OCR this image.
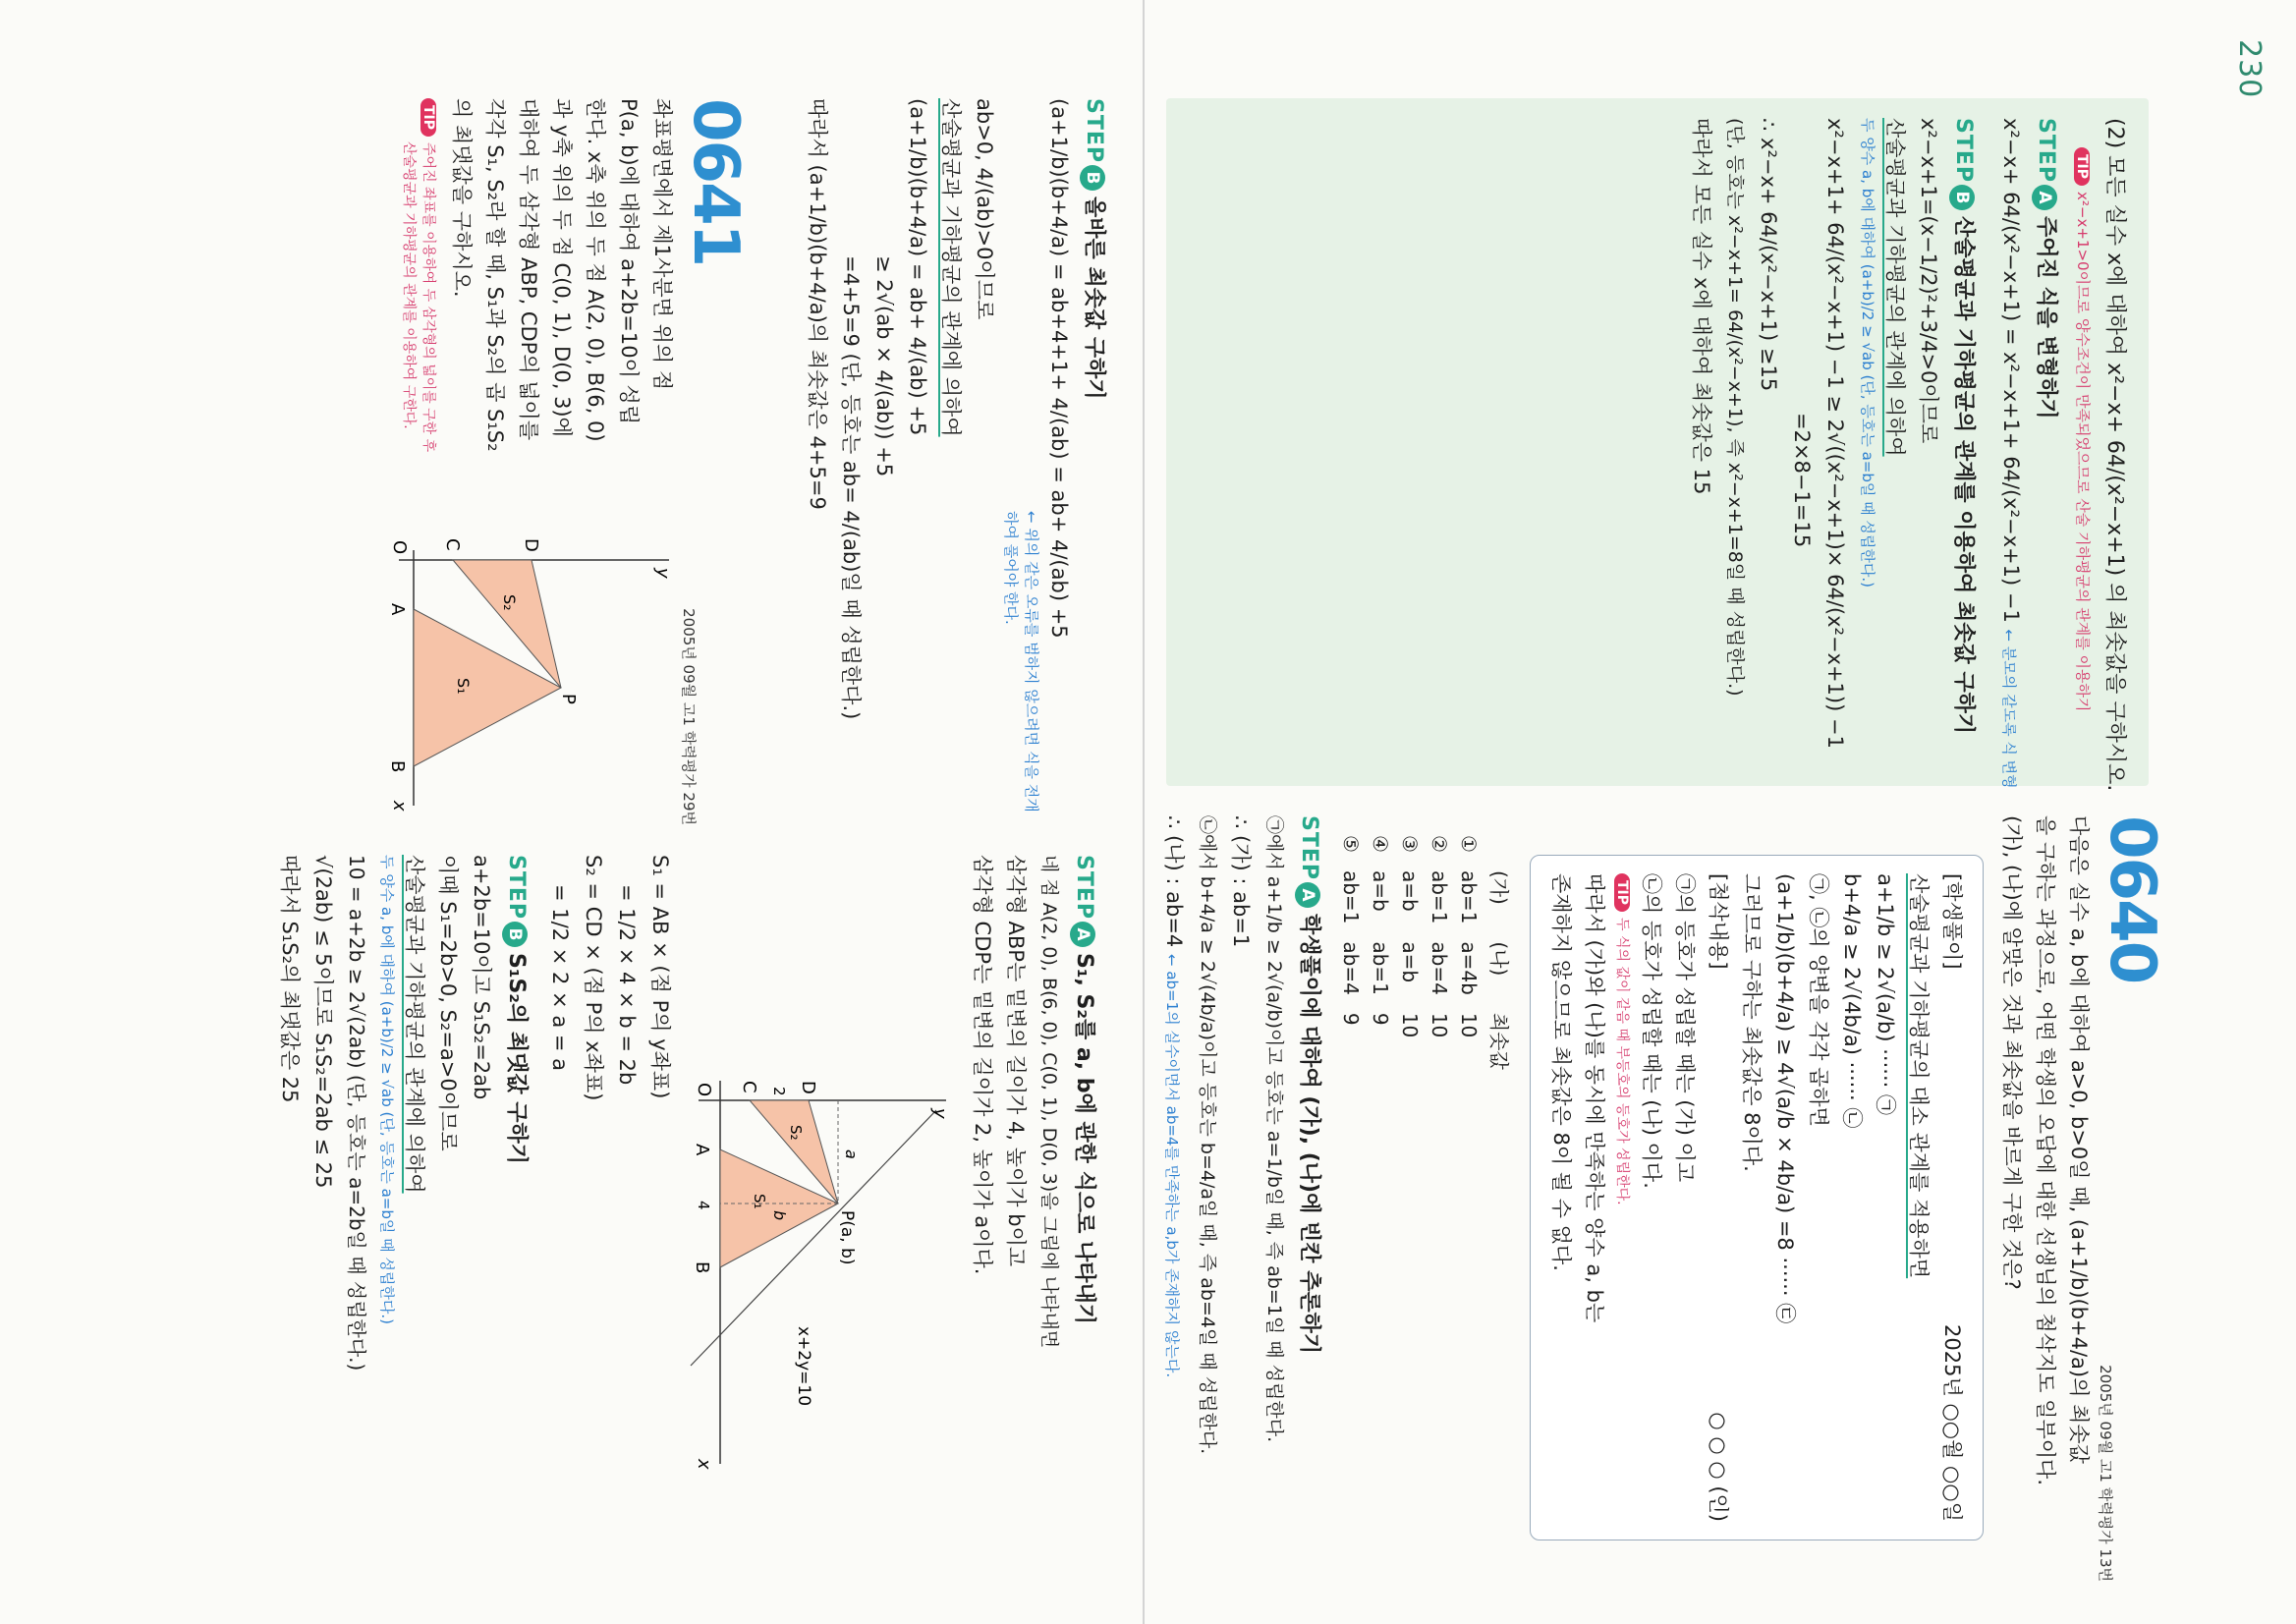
230
(2) 모든 실수 x에 대하여 x²−x+ 64/(x²−x+1) 의 최솟값을 구하시오.
TIPx²−x+1>0이므로 양수조건이 만족되었으므로 산술 기하평균의 관계를 이용하기
STEPA주어진 식을 변형하기
x²−x+ 64/(x²−x+1) = x²−x+1+ 64/(x²−x+1) −1 ← 분모의 같도록 식 변형
STEPB산술평균과 기하평균의 관계를 이용하여 최솟값 구하기
x²−x+1=(x−1/2)²+3/4>0이므로
산술평균과 기하평균의 관계에 의하여
두 양수 a, b에 대하여 (a+b)/2 ≥ √ab (단, 등호는 a=b일 때 성립한다.)
x²−x+1+ 64/(x²−x+1) −1 ≥ 2√((x²−x+1)× 64/(x²−x+1)) −1
=2×8−1=15
∴ x²−x+ 64/(x²−x+1) ≥15
(단, 등호는 x²−x+1= 64/(x²−x+1), 즉 x²−x+1=8일 때 성립한다.)
따라서 모든 실수 x에 대하여 최솟값은 15
0640
2005년 09월 고1 학력평가 13번
다음은 실수 a, b에 대하여 a>0, b>0일 때, (a+1/b)(b+4/a)의 최솟값
을 구하는 과정으로, 어떤 학생의 오답에 대한 선생님의 첨삭지도 일부이다.
(가), (나)에 알맞은 것과 최솟값을 바르게 구한 것은?
[학생풀이]
2025년 ○○월 ○○일
산술평균과 기하평균의 대소 관계를 적용하면
a+1/b ≥ 2√(a/b) ······ ㉠
b+4/a ≥ 2√(4b/a) ······ ㉡
㉠, ㉡의 양변을 각각 곱하면
(a+1/b)(b+4/a) ≥ 4√(a/b × 4b/a) =8 ······ ㉢
그러므로 구하는 최솟값은 8이다.
[첨삭내용]
○ ○ ○ (인)
㉠의 등호가 성립할 때는 (가) 이고
㉡의 등호가 성립할 때는 (나) 이다.
TIP두 식의 값이 같음 때 부등호의 등호가 성립한다.
따라서 (가)와 (나)를 동시에 만족하는 양수 a, b는
존재하지 않으므로 최솟값은 8이 될 수 없다.
	(가)	(나)	최솟값
①	ab=1	a=4b	10
②	ab=1	ab=4	10
③	a=b	a=b	10
④	a=b	ab=1	9
⑤	ab=1	ab=4	9
STEPA학생풀이에 대하여 (가), (나)에 빈칸 추론하기
㉠에서 a+1/b ≥ 2√(a/b)이고 등호는 a=1/b일 때, 즉 ab=1일 때 성립한다.
∴ (가) : ab=1
㉡에서 b+4/a ≥ 2√(4b/a)이고 등호는 b=4/a일 때, 즉 ab=4일 때 성립한다.
∴ (나) : ab=4 ← ab=1의 실수이면서 ab=4를 만족하는 a,b가 존재하지 않는다.
STEPB올바른 최솟값 구하기
(a+1/b)(b+4/a) = ab+4+1+ 4/(ab) = ab+ 4/(ab) +5
← 위의 같은 오류를 범하지 않으려면 식을 전개하여 풀어야 한다.
ab>0, 4/(ab)>0이므로
산술평균과 기하평균의 관계에 의하여
(a+1/b)(b+4/a) = ab+ 4/(ab) +5
≥ 2√(ab × 4/(ab)) +5
=4+5=9 (단, 등호는 ab= 4/(ab)일 때 성립한다.)
따라서 (a+1/b)(b+4/a)의 최솟값은 4+5=9
0641
2005년 09월 고1 학력평가 29번
좌표평면에서 제1사분면 위의 점
P(a, b)에 대하여 a+2b=10이 성립
한다. x축 위의 두 점 A(2, 0), B(6, 0)
과 y축 위의 두 점 C(0, 1), D(0, 3)에
대하여 두 삼각형 ABP, CDP의 넓이를
각각 S₁, S₂라 할 때, S₁과 S₂의 곱 S₁S₂
의 최댓값을 구하시오.
TIP주어진 좌표를 이용하여 두 삼각형의 넓이를 구한 후
산술평균과 기하평균의 관계를 이용하여 구한다.
x
y
O
A
B
C	D
P
S₁
S₂
STEPAS₁, S₂를 a, b에 관한 식으로 나타내기
네 점 A(2, 0), B(6, 0), C(0, 1), D(0, 3)을 그림에 나타내면
삼각형 ABP는 밑변의 길이가 4, 높이가 b이고
삼각형 CDP는 밑변의 길이가 2, 높이가 a이다.
x
y
O
A
B
C D
P(a, b)
S₁
S₂
a
b
4
2
x+2y=10
S₁ = AB × (점 P의 y좌표)
= 1/2 × 4 × b = 2b
S₂ = CD × (점 P의 x좌표)
= 1/2 × 2 × a = a
STEPBS₁S₂의 최댓값 구하기
a+2b=10이고 S₁S₂=2ab
이때 S₁=2b>0, S₂=a>0이므로
산술평균과 기하평균의 관계에 의하여
두 양수 a, b에 대하여 (a+b)/2 ≥ √ab (단, 등호는 a=b일 때 성립한다.)
10 = a+2b ≥ 2√(2ab) (단, 등호는 a=2b일 때 성립한다.)
√(2ab) ≤ 5이므로 S₁S₂=2ab ≤ 25
따라서 S₁S₂의 최댓값은 25
